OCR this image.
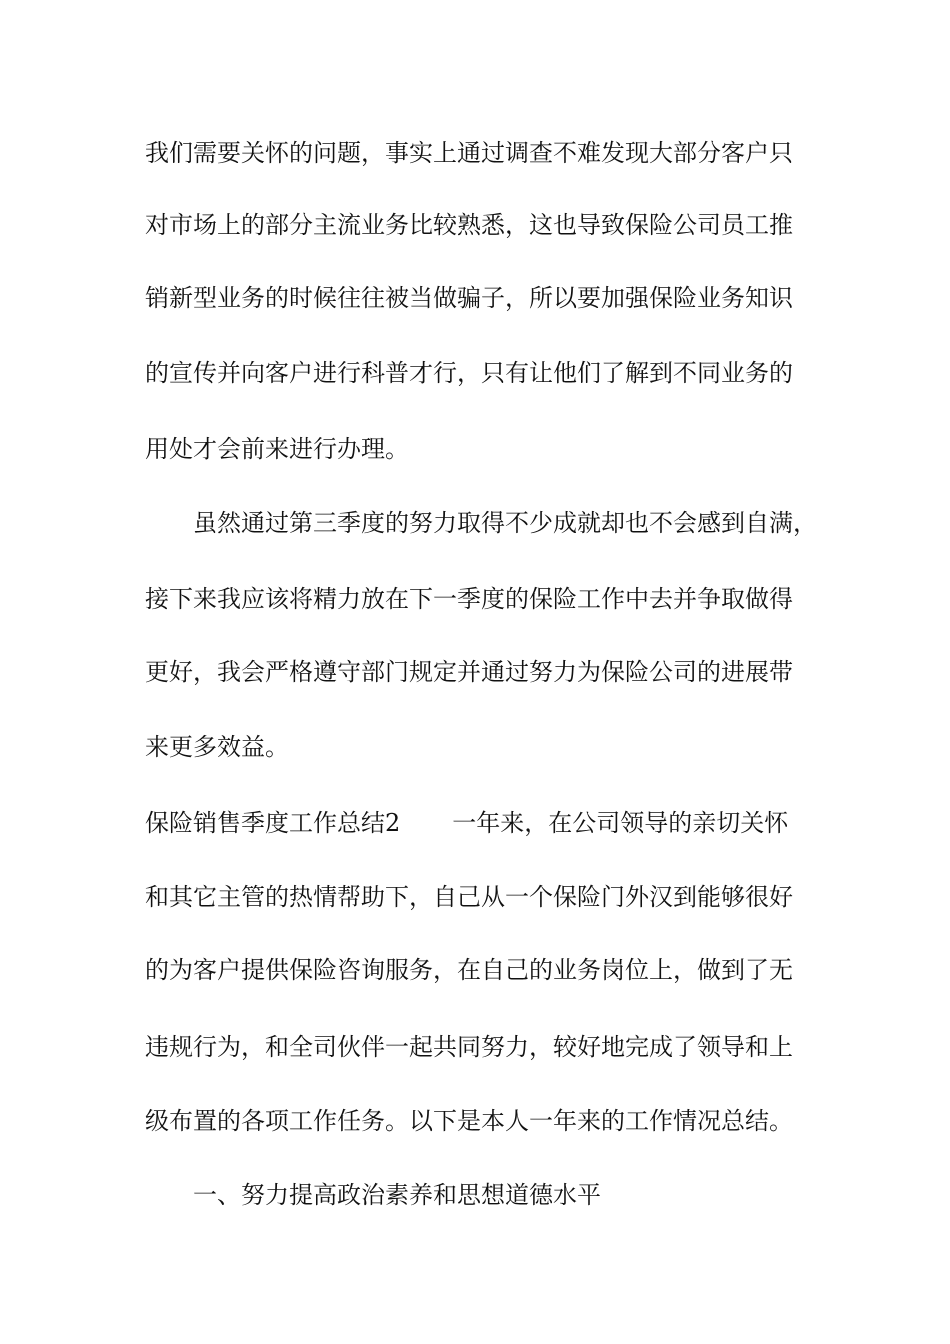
我们需要关怀的问题，事实上通过调查不难发现大部分客户只
对市场上的部分主流业务比较熟悉，这也导致保险公司员工推
销新型业务的时候往往被当做骗子，所以要加强保险业务知识
的宣传并向客户进行科普才行，只有让他们了解到不同业务的
用处才会前来进行办理。
虽然通过第三季度的努力取得不少成就却也不会感到自满，
接下来我应该将精力放在下一季度的保险工作中去并争取做得
更好，我会严格遵守部门规定并通过努力为保险公司的进展带
来更多效益。
保险销售季度工作总结2 一年来，在公司领导的亲切关怀
和其它主管的热情帮助下，自己从一个保险门外汉到能够很好
的为客户提供保险咨询服务，在自己的业务岗位上，做到了无
违规行为，和全司伙伴一起共同努力，较好地完成了领导和上
级布置的各项工作任务。以下是本人一年来的工作情况总结。
一、努力提高政治素养和思想道德水平
